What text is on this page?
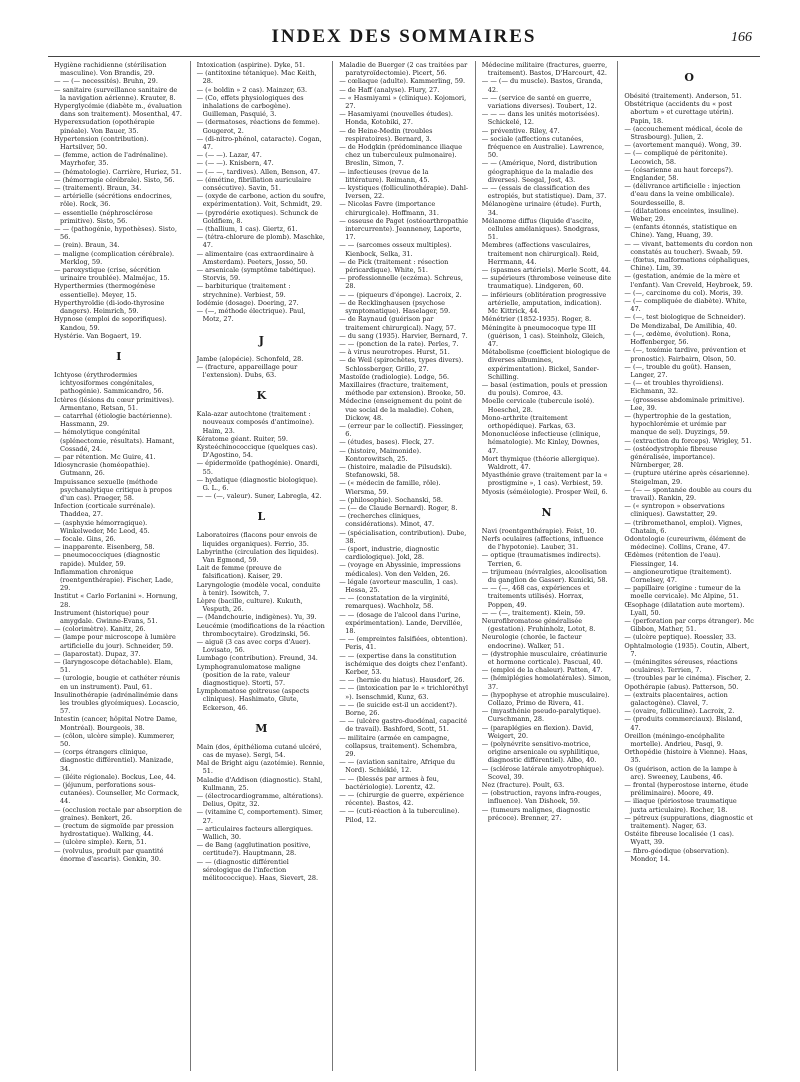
INDEX DES SOMMAIRES	166

Hygiène rachidienne (stérilisation masculine). Von Brandis, 29.

— — (— necessités). Bruhn, 29.

— sanitaire (surveillance sanitaire de la navigation aérienne). Krauter, 8.

Hyperglycémie (diabète m., évaluation dans son traitement). Mosenthal, 47.

Hyperexsudation (opothérapie pinéale). Von Bauer, 35.

Hypertension (contribution). Hartsilver, 50.

— (femme, action de l'adrénaline). Mayrhofer, 35.

— (hématologie). Carrière, Huriez, 51.

— (hémorragie cérébrale). Sisto, 56.

— (traitement). Braun, 34.

— artérielle (sécrétions endocrines, rôle). Rock, 36.

— essentielle (néphrosclérose primitive). Sisto, 56.

— — (pathogénie, hypothèses). Sisto, 56.

— (rein). Braun, 34.

— maligne (complication cérébrale). Merklog, 59.

— paroxystique (crise, sécrétion urinaire troublée). Malméjac, 15.

Hyperthermies (thermogénèse essentielle). Meyer, 15.

Hyperthyroïdie (di-iodo-thyrosine dangers). Heimrich, 59.

Hypnose (emploi de soporifiques). Kandou, 59.

Hystérie. Van Bogaert, 19.

I

Ichtyose (érythrodermies ichtyosiformes congénitales, pathogénie). Sammicandro, 56.

Ictères (lésions du cœur primitives). Armentano, Retsan, 51.

— catarrhal (étiologie bactérienne). Hassmann, 29.

— hémolytique congénital (splénectomie, résultats). Hamant, Cossadé, 24.

— par rétention. Mc Guire, 41.

Idiosyncrasie (homéopathie). Gutmann, 26.

Impuissance sexuelle (méthode psychanalytique critique à propos d'un cas). Praeger, 58.

Infection (corticale surrénale). Thaddea, 27.

— (asphyxie hémorragique). Winkelweder, Mc Leod, 45.

— focale. Gins, 26.

— inapparente. Eisenberg, 58.

— pneumococciques (diagnostic rapide). Mulder, 59.

Inflammation chronique (roentgenthérapie). Fischer, Lade, 29.

Institut « Carlo Forlanini ». Hornung, 28.

Instrument (historique) pour amygdale. Gwinne-Evans, 51.

— (colorimètre). Kanitz, 26.

— (lampe pour microscope à lumière artificielle du jour). Schneider, 59.

— (laparostat). Dupaz, 37.

— (laryngoscope détachable). Elam, 51.

— (urologie, bougie et cathéter réunis en un instrument). Paul, 61.

Insulinothérapie (adrénalinémie dans les troubles glycémiques). Locascio, 57.

Intestin (cancer, hôpital Notre Dame, Montréal). Bourgeois, 38.

— (côlon, ulcère simple). Kummerer, 50.

— (corps étrangers clinique, diagnostic différentiel). Manizade, 34.

— (iléite régionale). Bockus, Lee, 44.

— (jéjunum, perforations sous-cutanées). Counseller, Mc Cormack, 44.

— (occlusion rectale par absorption de graines). Benkert, 26.

— (rectum de sigmoïde par pression hydrostatique). Walking, 44.

— (ulcère simple). Kern, 51.

— (volvulus, produit par quantité énorme d'ascaris). Genkin, 30.

Intoxication (aspirine). Dyke, 51.

— (antitoxine tétanique). Mac Keith, 28.

— (« boldin » 2 cas). Mainzer, 63.

— (Co, effets physiologiques des inhalations de carbogène). Guilleman, Pasquié, 3.

— (dermatoses, réactions de femme). Gougerot, 2.

— (di-nitro-phénol, cataracte). Cogan, 47.

— (— —). Lazar, 47.

— (— —). Knisbern, 47.

— (— —, tardives). Allen, Benson, 47.

— (émétine, fibrillation auriculaire consécutive). Savin, 51.

— (oxyde de carbone, action du soufre, expérimentation). Voit, Schmidt, 29.

— (pyrodérie exotiques). Schunck de Goldfiem, 8.

— (thallium, 1 cas). Giertz, 61.

— (tétra-chlorure de plomb). Maschke, 47.

— alimentaire (cas extraordinaire à Amsterdam). Peeters, Josso, 50.

— arsenicale (symptôme tabétique). Storvis, 59.

— barbiturique (traitement : strychnine). Verbiest, 59.

Iodémie (dosage). Doering, 27.

— (—, méthode électrique). Paul, Motz, 27.

J

Jambe (alopécie). Schonfeld, 28.

— (fracture, appareillage pour l'extension). Dubs, 63.

K

Kala-azar autochtone (traitement : nouveaux composés d'antimoine). Haim, 23.

Kératome géant. Ruiter, 59.

Kysteéchinococcique (quelques cas). D'Agostino, 54.

— épidermoïde (pathogénie). Onardi, 55.

— hydatique (diagnostic biologique). G. L., 6.

— — (—, valeur). Suner, Labregla, 42.

L

Laboratoires (flacons pour envois de liquides organiques). Ferrio, 35.

Labyrinthe (circulation des liquides). Van Egmond, 59.

Lait de femme (preuve de falsification). Kaiser, 29.

Laryngologie (modèle vocal, conduite à tenir). Isowitch, 7.

Lèpre (bacille, culture). Kukuth, Vesputh, 26.

— (Mandchourie, indigènes). Yu, 39.

Leucémie (modifications de la réaction thrombocytaire). Grodzinski, 56.

— aiguë (3 cas avec corps d'Auer). Lovisato, 56.

Lumbago (contribution). Freund, 34.

Lymphogranulomatose maligne (position de la rate, valeur diagnostique). Storti, 57.

Lymphomatose goitreuse (aspects cliniques). Hashimato, Glute, Eckerson, 46.

M

Main (dos, épithélioma cutané ulcéré, cas de myase). Sergi, 54.

Mal de Bright aigu (azotémie). Rennie, 51.

Maladie d'Addison (diagnostic). Stahl, Kullmann, 25.

— (électrocardiogramme, altérations). Delius, Opitz, 32.

— (vitamine C, comportement). Simer, 27.

— articulaires facteurs allergiques. Wallich, 30.

— de Bang (agglutination positive, certitude?). Hauptmann, 28.

— — (diagnostic différentiel sérologique de l'infection mélitococcique). Haas, Sievert, 28.

Maladie de Buerger (2 cas traitées par paratyroïdectomie). Picert, 56.

— cœliaque (adulte). Kammerling, 59.

— de Haff (analyse). Flury, 27.

— « Hasmiyami » (clinique). Kojomori, 27.

— Hasamiyami (nouvelles études). Honda, Kotobiki, 27.

— de Heine-Medin (troubles respiratoires). Bernard, 3.

— de Hodgkin (prédominance iliaque chez un tuberculeux pulmonaire). Breslin, Simon, 7.

— infectieuses (revue de la littérature). Reimann, 45.

— kystiques (folliculinothérapie). Dahl-Iversen, 22.

— Nicolas Favre (importance chirurgicale). Hoffmann, 31.

— osseuse de Paget (ostéoarthropathie intercurrente). Jeanneney, Laporte, 17.

— — (sarcomes osseux multiples). Kienbock, Selka, 31.

— de Pick (traitement : résection péricardique). White, 51.

— professionnelle (eczéma). Schreus, 28.

— — (piqueurs d'éponge). Lacroix, 2.

— de Recklinghausen (psychose symptomatique). Haselager, 59.

— de Raynaud (guérison par traitement chirurgical). Nagy, 57.

— du sang (1935). Harvier, Bernard, 7.

— — (ponction de la rate). Perles, 7.

— à virus neurotropes. Hurst, 51.

— de Weil (spirochètes, types divers). Schlossberger, Grillo, 27.

Mastoïde (radiologie). Lodge, 56.

Maxillaires (fracture, traitement, méthode par extension). Brooke, 50.

Médecine (enseignement du point de vue social de la maladie). Cohen, Dickow, 48.

— (erreur par le collectif). Fiessinger, 6.

— (études, bases). Fleck, 27.

— (histoire, Maimonide). Kontorowitsch, 25.

— (histoire, maladie de Pilsudski). Stefanowski, 58.

— (« médecin de famille, rôle). Wiersma, 59.

— (philosophie). Sochanski, 58.

— (— de Claude Bernard). Roger, 8.

— (recherches cliniques, considérations). Minot, 47.

— (spécialisation, contribution). Dube, 38.

— (sport, industrie, diagnostic cardiologique). Jokl, 28.

— (voyage en Abyssinie, impressions médicales). Von den Velden, 26.

— légale (avorteur masculin, 1 cas). Hessa, 25.

— — (constatation de la virginité, remarques). Wachholz, 58.

— — (dosage de l'alcool dans l'urine, expérimentation). Lande, Dervillée, 18.

— — (empreintes falsifiées, obtention). Peris, 41.

— — (expertise dans la constitution ischémique des doigts chez l'enfant). Kerber, 53.

— — (hernie du hiatus). Hausdorf, 26.

— — (intoxication par le « trichloréthyl »). Isenschmid, Kunz, 63.

— — (le suicide est-il un accident?). Borne, 26.

— — (ulcère gastro-duodénal, capacité de travail). Bashford, Scott, 51.

— militaire (armée en campagne, collapsus, traitement). Schembra, 29.

— — (aviation sanitaire, Afrique du Nord). Schiéklé, 12.

— — (blessés par armes à feu, bactériologie). Lorentz, 42.

— — (chirurgie de guerre, expérience récente). Bastos, 42.

— — (cuti-réaction à la tuberculine). Pilod, 12.

Médecine militaire (fractures, guerre, traitement). Bastos, D'Harcourt, 42.

— — (— du muscle). Bastos, Granda, 42.

— — (service de santé en guerre, variations diverses). Toubert, 12.

— — — dans les unités motorisées). Schickelé, 12.

— préventive. Riley, 47.

— sociale (affections cutanées, fréquence en Australie). Lawrence, 50.

— — (Amérique, Nord, distribution géographique de la maladie des diverses). Seegal, Jost, 43.

— — (essais de classification des estropiés, but statistique). Dam, 37.

Mélanogène urinaire (étude). Furth, 34.

Mélanome diffus (liquide d'ascite, cellules amélaniques). Snodgrass, 51.

Membres (affections vasculaires, traitement non chirurgical). Reid, Herrmann, 44.

— (spasmes artériels). Merle Scott, 44.

— supérieurs (thrombose veineuse dite traumatique). Lindgeren, 60.

— inférieurs (oblitération progressive artérielle, amputation, indication). Mc Kittrick, 44.

Ménétrier (1852-1935). Roger, 8.

Méningite à pneumocoque type III (guérison, 1 cas). Steinholz, Gleich, 47.

Métabolisme (coefficient biologique de diverses albumines, expérimentation). Bickel, Sander-Schilling.

— basal (estimation, pouls et pression du pouls). Comroe, 43.

Moelle cervicale (tubercule isolé). Hoeschel, 28.

Mono-arthrite (traitement orthopédique). Farkas, 63.

Mononucléose infectieuse (clinique, hématologie). Mc Kinley, Downes, 47.

Mort thymique (théorie allergique). Waldrott, 47.

Myasthénie grave (traitement par la « prostigmine », 1 cas). Verbiest, 59.

Myosis (séméiologie). Prosper Weil, 6.

N

Navi (roentgenthérapie). Feist, 10.

Nerfs oculaires (affections, influence de l'hypotonie). Lauber, 31.

— optique (traumatismes indirects). Terrien, 6.

— trijumeau (névralgies, alcoolisation du ganglion de Gasser). Kunicki, 58.

— — (—, 468 cas, expériences et traitements utilisés). Horrax, Poppen, 49.

— — (—, traitement). Klein, 59.

Neurofibromatose généralisée (gestation). Fruhinholz, Lotot, 8.

Neurologie (chorée, le facteur endocrine). Walker, 51.

— (dystrophie musculaire, créatinurie et hormone corticale). Pascual, 40.

— (emploi de la chaleur). Patten, 47.

— (hémiplégies homolatérales). Simon, 37.

— (hypophyse et atrophie musculaire). Collazo, Primo de Rivera, 41.

— (myasthénie pseudo-paralytique). Curschmann, 28.

— (paraplégies en flexion). David, Weigert, 20.

— (polynévrite sensitivo-motrice, origine arsenicale ou syphilitique, diagnostic différentiel). Albo, 40.

— (sclérose latérale amyotrophique). Scovel, 39.

Nez (fracture). Poult, 63.

— (obstruction, rayons infra-rouges, influence). Van Dishoek, 59.

— (tumeurs malignes, diagnostic précoce). Brenner, 27.

O

Obésité (traitement). Anderson, 51.

Obstétrique (accidents du « post abortum » et curettage utérin). Papin, 18.

— (accouchement médical, école de Strasbourg). Julien, 2.

— (avortement manqué). Wong, 39.

— (— compliqué de péritonite). Lecowich, 58.

— (césarienne au haut forceps?). Englander, 58.

— (délivrance artificielle : injection d'eau dans la veine ombilicale). Sourdesseille, 8.

— (dilatations enceintes, insuline). Weber, 29.

— (enfants étonnés, statistique en Chine). Yang, Huang, 39.

— — vivant, battements du cordon non constatés au toucher). Swaab, 59.

— (fœtus, malformations céphaliques, Chine). Lim, 39.

— (gestation, anémie de la mère et l'enfant). Van Creveld, Heybroek, 59.

— (—, carcinome du col). Moris, 39.

— (— compliquée de diabète). White, 47.

— (—, test biologique de Schneider). De Mendizabal, De Amilibia, 40.

— (—, œdème, évolution). Rona, Hoffenberger, 56.

— (—, toxémie tardive, prévention et pronostic). Fairbairn, Olson, 50.

— (—, trouble du goût). Hansen, Langer, 27.

— (— et troubles thyroïdiens). Eichmann, 32.

— (grossesse abdominale primitive). Lee, 39.

— (hypertrophie de la gestation, hypochlorémie et urémie par manque de sel). Duyzings, 59.

— (extraction du forceps). Wrigley, 51.

— (ostéodystrophie fibreuse généralisée, importance). Nürnberger, 28.

— (rupture utérine après césarienne). Steigelman, 29.

— (— — spontanée double au cours du travail). Rankin, 29.

— (« syntropon » observations cliniques). Gawstatter, 29.

— (tribromethanol, emploi). Vignes, Chatain, 6.

Odontologie (cureuriwm, élément de médecine). Collins, Crane, 47.

Œdèmes (rétention de l'eau). Fiessinger, 14.

— angioneurotique (traitement). Cornelsey, 47.

— papillaire (origine : tumeur de la moelle cervicale). Mc Alpine, 51.

Œsophage (dilatation aute mortem). Lyall, 50.

— (perforation par corps étranger). Mc Gibbon, Mather, 51.

— (ulcère peptique). Roessler, 33.

Ophtalmologie (1935). Coutin, Albert, 7.

— (méningites séreuses, réactions oculaires). Terrien, 7.

— (troubles par le cinéma). Fischer, 2.

Opothérapie (abus). Patterson, 50.

— (extraits placentaires, action galactogène). Clavel, 7.

— (ovaire, folliculine). Lacroix, 2.

— (produits commerciaux). Bisland, 47.

Oreillon (méningo-encéphalite mortelle). Andrieu, Pasqi, 9.

Orthopédie (histoire à Vienne). Haas, 35.

Os (guérison, action de la lampe à arc). Sweeney, Laubens, 46.

— frontal (hyperostose interne, étude préliminaire). Moore, 49.

— iliaque (périostose traumatique juxta articulaire). Rocher, 18.

— pétreux (suppurations, diagnostic et traitement). Nager, 63.

Ostéite fibreuse localisée (1 cas). Wyatt, 39.

— fibro-géodique (observation). Mondor, 14.
